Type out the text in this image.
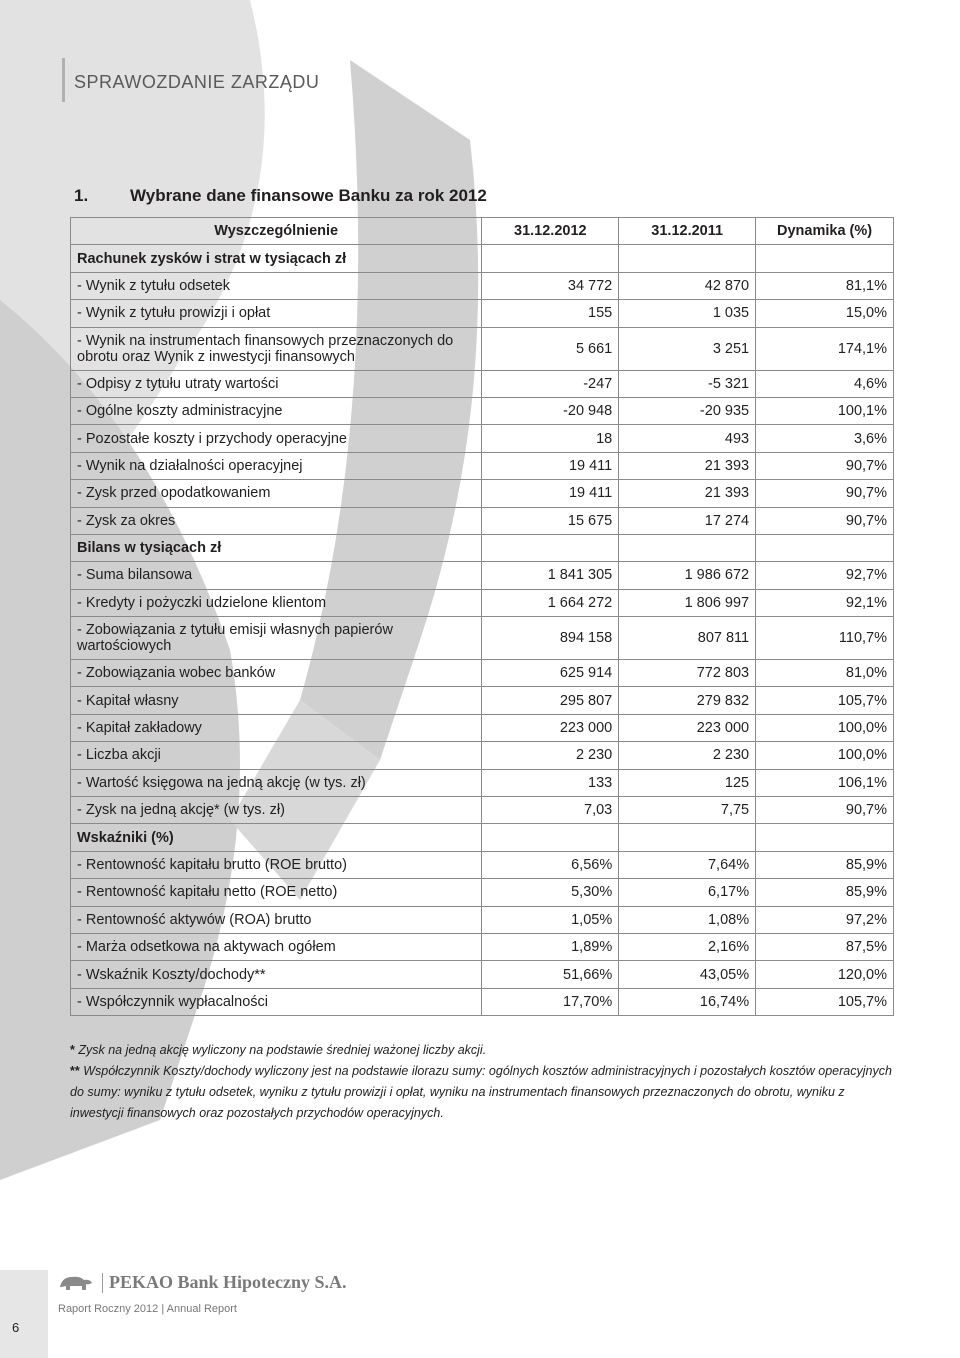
SPRAWOZDANIE ZARZĄDU
1. Wybrane dane finansowe Banku za rok 2012
Wyszczególnienie	31.12.2012	31.12.2011	Dynamika (%)
Rachunek zysków i strat w tysiącach zł			
- Wynik z tytułu odsetek	34 772	42 870	81,1%
- Wynik z tytułu prowizji i opłat	155	1 035	15,0%
- Wynik na instrumentach finansowych przeznaczonych do obrotu oraz Wynik z inwestycji finansowych	5 661	3 251	174,1%
- Odpisy z tytułu utraty wartości	-247	-5 321	4,6%
- Ogólne koszty administracyjne	-20 948	-20 935	100,1%
- Pozostałe koszty i przychody operacyjne	18	493	3,6%
- Wynik na działalności operacyjnej	19 411	21 393	90,7%
- Zysk przed opodatkowaniem	19 411	21 393	90,7%
- Zysk za okres	15 675	17 274	90,7%
Bilans w tysiącach zł			
- Suma bilansowa	1 841 305	1 986 672	92,7%
- Kredyty i pożyczki udzielone klientom	1 664 272	1 806 997	92,1%
- Zobowiązania z tytułu emisji własnych papierów wartościowych	894 158	807 811	110,7%
- Zobowiązania wobec banków	625 914	772 803	81,0%
- Kapitał własny	295 807	279 832	105,7%
- Kapitał zakładowy	223 000	223 000	100,0%
- Liczba akcji	2 230	2 230	100,0%
- Wartość księgowa na jedną akcję (w tys. zł)	133	125	106,1%
- Zysk na jedną akcję* (w tys. zł)	7,03	7,75	90,7%
Wskaźniki (%)			
- Rentowność kapitału brutto (ROE brutto)	6,56%	7,64%	85,9%
- Rentowność kapitału netto (ROE netto)	5,30%	6,17%	85,9%
- Rentowność aktywów (ROA) brutto	1,05%	1,08%	97,2%
- Marża odsetkowa na aktywach ogółem	1,89%	2,16%	87,5%
- Wskaźnik Koszty/dochody**	51,66%	43,05%	120,0%
- Współczynnik wypłacalności	17,70%	16,74%	105,7%
* Zysk na jedną akcję wyliczony na podstawie średniej ważonej liczby akcji.
** Współczynnik Koszty/dochody wyliczony jest na podstawie ilorazu sumy: ogólnych kosztów administracyjnych i pozostałych kosztów operacyjnych do sumy: wyniku z tytułu odsetek, wyniku z tytułu prowizji i opłat, wyniku na instrumentach finansowych przeznaczonych do obrotu, wyniku z inwestycji finansowych oraz pozostałych przychodów operacyjnych.
6
PEKAO Bank Hipoteczny S.A.
Raport Roczny 2012 | Annual Report
